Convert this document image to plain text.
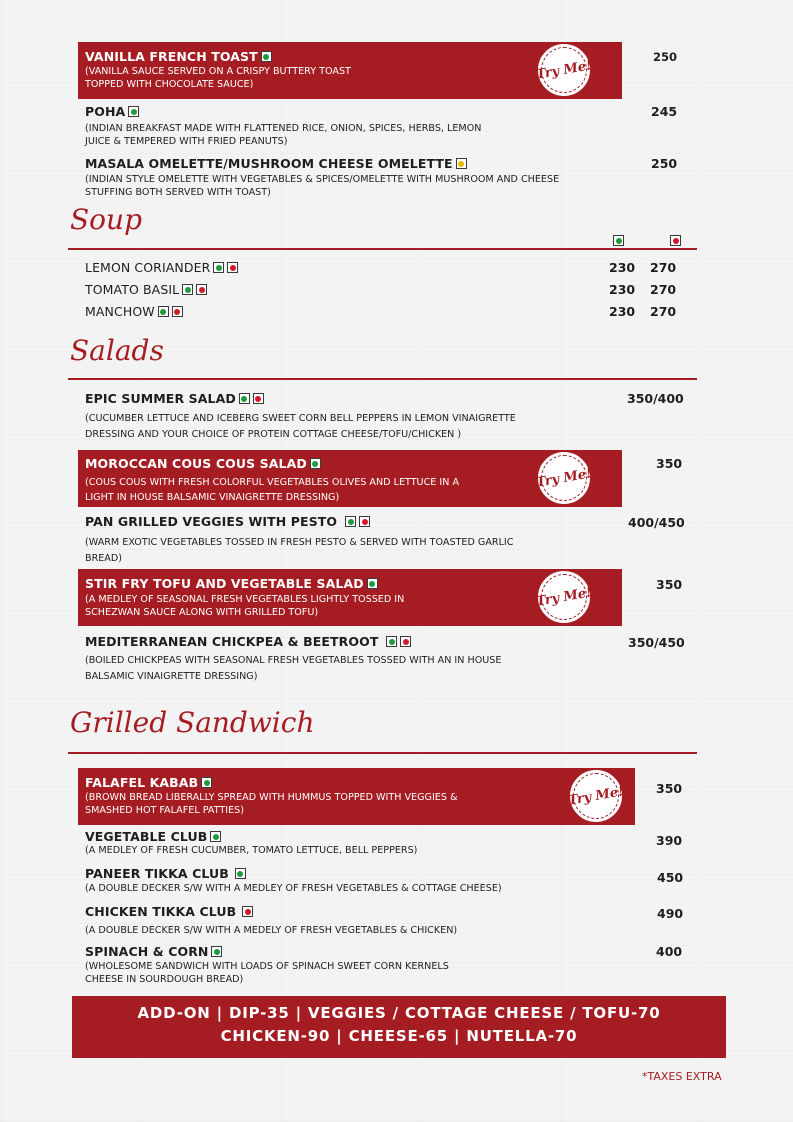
VANILLA FRENCH TOAST
(VANILLA SAUCE SERVED ON A CRISPY BUTTERY TOAST TOPPED WITH CHOCOLATE SAUCE)
Try Me!
250
POHA
(INDIAN BREAKFAST MADE WITH FLATTENED RICE, ONION, SPICES, HERBS, LEMON JUICE & TEMPERED WITH FRIED PEANUTS)
245
MASALA OMELETTE/MUSHROOM CHEESE OMELETTE
(INDIAN STYLE OMELETTE WITH VEGETABLES & SPICES/OMELETTE WITH MUSHROOM AND CHEESE STUFFING BOTH SERVED WITH TOAST)
250
Soup

LEMON CORIANDER	230 270
TOMATO BASIL	230 270
MANCHOW	230 270
Salads
EPIC SUMMER SALAD
(CUCUMBER LETTUCE AND ICEBERG SWEET CORN BELL PEPPERS IN LEMON VINAIGRETTE DRESSING AND YOUR CHOICE OF PROTEIN COTTAGE CHEESE/TOFU/CHICKEN )
350/400
MOROCCAN COUS COUS SALAD
(COUS COUS WITH FRESH COLORFUL VEGETABLES OLIVES AND LETTUCE IN A LIGHT IN HOUSE BALSAMIC VINAIGRETTE DRESSING)
Try Me!
350
PAN GRILLED VEGGIES WITH PESTO
(WARM EXOTIC VEGETABLES TOSSED IN FRESH PESTO & SERVED WITH TOASTED GARLIC BREAD)
400/450
STIR FRY TOFU AND VEGETABLE SALAD
(A MEDLEY OF SEASONAL FRESH VEGETABLES LIGHTLY TOSSED IN SCHEZWAN SAUCE ALONG WITH GRILLED TOFU)
Try Me!
350
MEDITERRANEAN CHICKPEA & BEETROOT
(BOILED CHICKPEAS WITH SEASONAL FRESH VEGETABLES TOSSED WITH AN IN HOUSE BALSAMIC VINAIGRETTE DRESSING)
350/450
Grilled Sandwich
FALAFEL KABAB
(BROWN BREAD LIBERALLY SPREAD WITH HUMMUS TOPPED WITH VEGGIES & SMASHED HOT FALAFEL PATTIES)
Try Me! 350
VEGETABLE CLUB
(A MEDLEY OF FRESH CUCUMBER, TOMATO LETTUCE, BELL PEPPERS)
390
PANEER TIKKA CLUB
(A DOUBLE DECKER S/W WITH A MEDLEY OF FRESH VEGETABLES & COTTAGE CHEESE)
450
CHICKEN TIKKA CLUB
(A DOUBLE DECKER S/W WITH A MEDELY OF FRESH VEGETABLES & CHICKEN)
490
SPINACH & CORN
(WHOLESOME SANDWICH WITH LOADS OF SPINACH SWEET CORN KERNELS CHEESE IN SOURDOUGH BREAD)
400
ADD-ON | DIP-35 | VEGGIES / COTTAGE CHEESE / TOFU-70
CHICKEN-90 | CHEESE-65 | NUTELLA-70
*TAXES EXTRA
